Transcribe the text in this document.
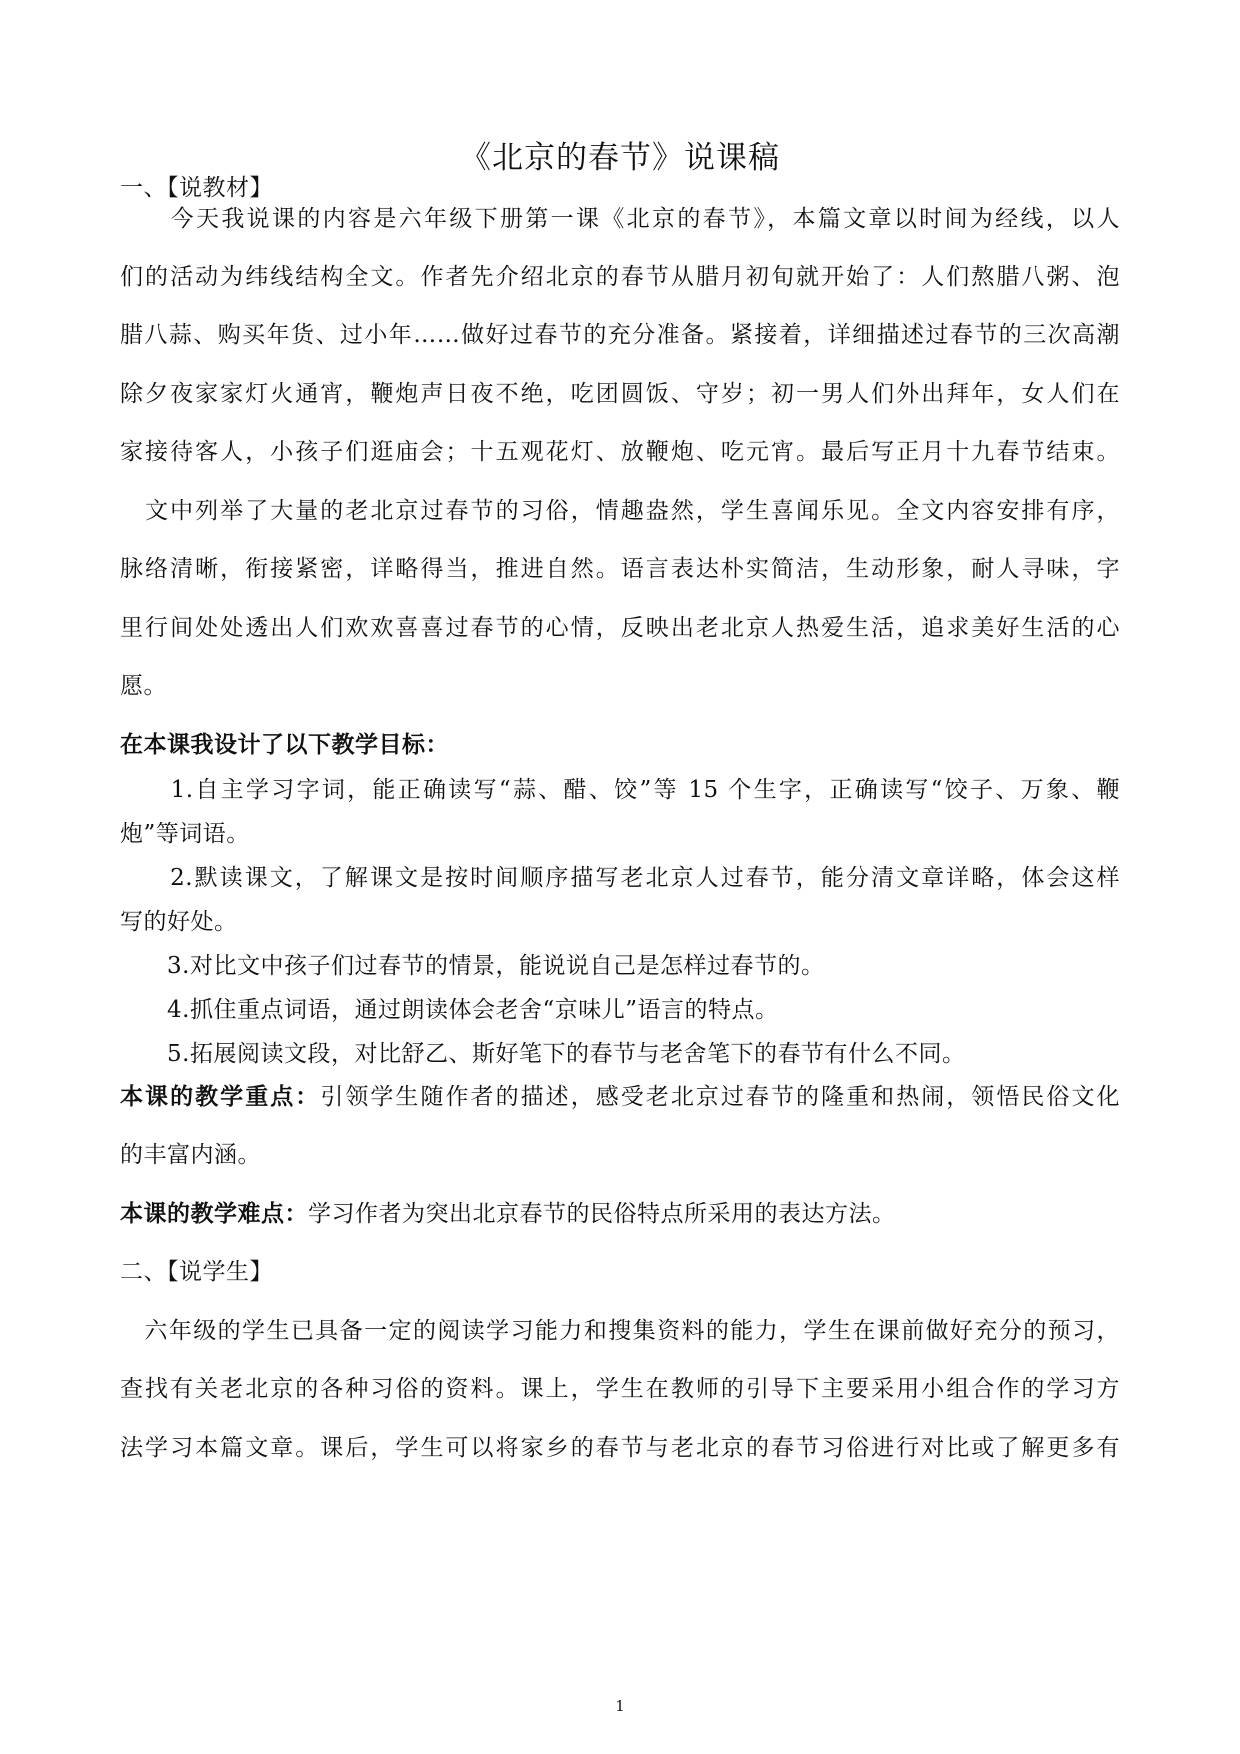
《北京的春节》说课稿
一、【说教材】
　　今天我说课的内容是六年级下册第一课《北京的春节》，本篇文章以时间为经线，以人
们的活动为纬线结构全文。作者先介绍北京的春节从腊月初旬就开始了：人们熬腊八粥、泡
腊八蒜、购买年货、过小年……做好过春节的充分准备。紧接着，详细描述过春节的三次高潮
除夕夜家家灯火通宵，鞭炮声日夜不绝，吃团圆饭、守岁；初一男人们外出拜年，女人们在
家接待客人，小孩子们逛庙会；十五观花灯、放鞭炮、吃元宵。最后写正月十九春节结束。
　文中列举了大量的老北京过春节的习俗，情趣盎然，学生喜闻乐见。全文内容安排有序，
脉络清晰，衔接紧密，详略得当，推进自然。语言表达朴实简洁，生动形象，耐人寻味，字
里行间处处透出人们欢欢喜喜过春节的心情，反映出老北京人热爱生活，追求美好生活的心
愿。
在本课我设计了以下教学目标：
　　1.自主学习字词，能正确读写“蒜、醋、饺”等 15 个生字，正确读写“饺子、万象、鞭
炮”等词语。
　　2.默读课文，了解课文是按时间顺序描写老北京人过春节，能分清文章详略，体会这样
写的好处。
　　3.对比文中孩子们过春节的情景，能说说自己是怎样过春节的。
　　4.抓住重点词语，通过朗读体会老舍“京味儿”语言的特点。
　　5.拓展阅读文段，对比舒乙、斯好笔下的春节与老舍笔下的春节有什么不同。
本课的教学重点：引领学生随作者的描述，感受老北京过春节的隆重和热闹，领悟民俗文化
的丰富内涵。
本课的教学难点：学习作者为突出北京春节的民俗特点所采用的表达方法。
二、【说学生】
　六年级的学生已具备一定的阅读学习能力和搜集资料的能力，学生在课前做好充分的预习，
查找有关老北京的各种习俗的资料。课上，学生在教师的引导下主要采用小组合作的学习方
法学习本篇文章。课后，学生可以将家乡的春节与老北京的春节习俗进行对比或了解更多有
1
